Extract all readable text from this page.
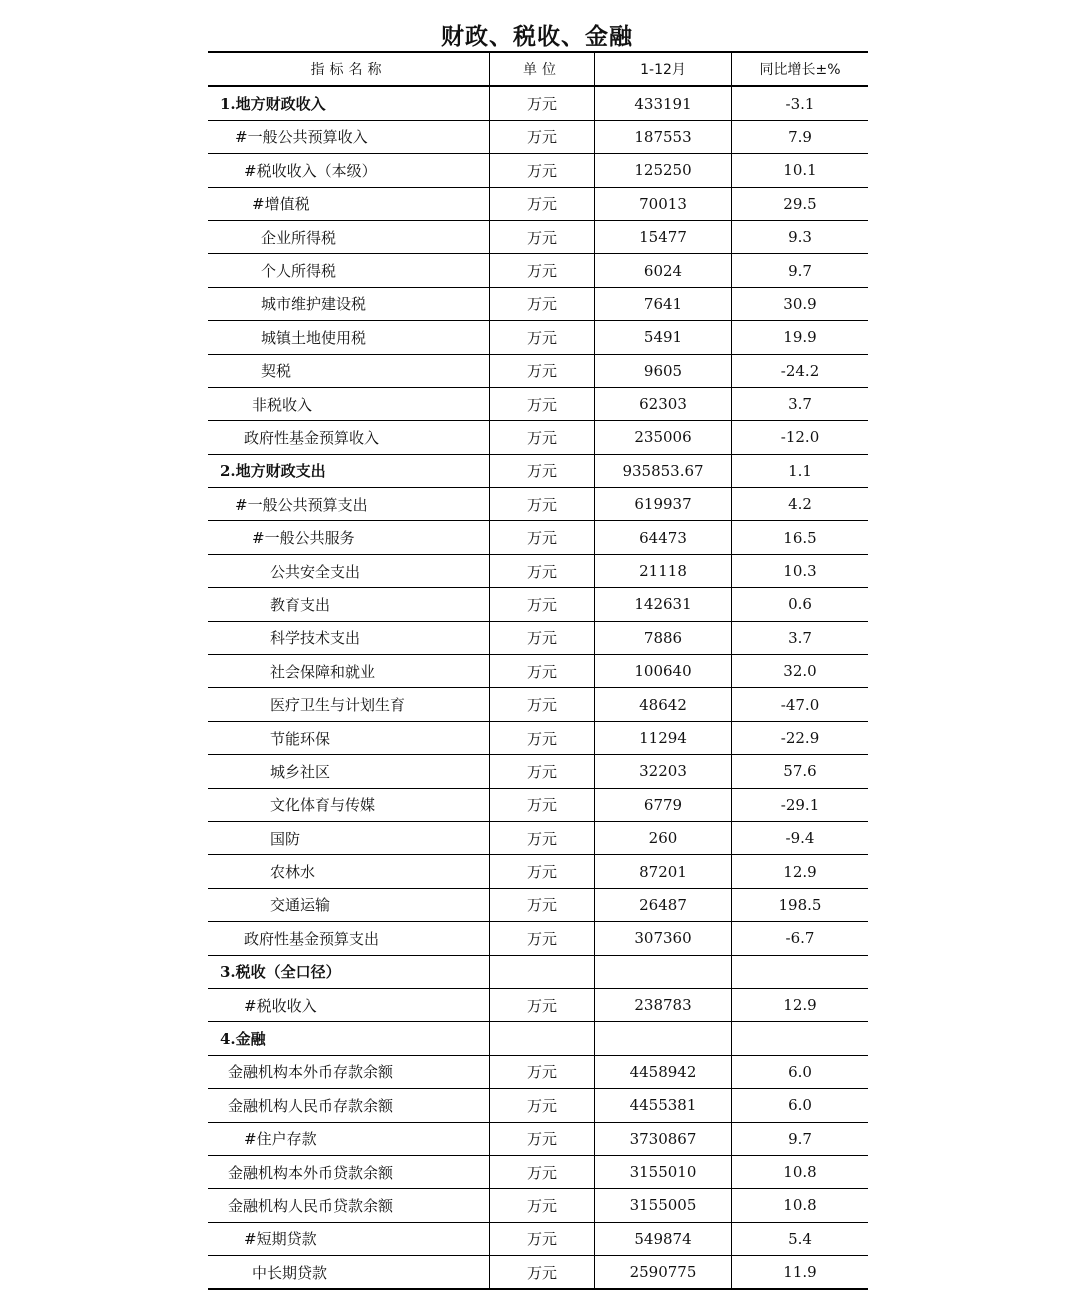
财政、税收、金融
指标名称	单位	1-12月	同比增长±%
1.地方财政收入	万元	433191	-3.1
#一般公共预算收入	万元	187553	7.9
#税收收入（本级）	万元	125250	10.1
#增值税	万元	70013	29.5
企业所得税	万元	15477	9.3
个人所得税	万元	6024	9.7
城市维护建设税	万元	7641	30.9
城镇土地使用税	万元	5491	19.9
契税	万元	9605	-24.2
非税收入	万元	62303	3.7
政府性基金预算收入	万元	235006	-12.0
2.地方财政支出	万元	935853.67	1.1
#一般公共预算支出	万元	619937	4.2
#一般公共服务	万元	64473	16.5
公共安全支出	万元	21118	10.3
教育支出	万元	142631	0.6
科学技术支出	万元	7886	3.7
社会保障和就业	万元	100640	32.0
医疗卫生与计划生育	万元	48642	-47.0
节能环保	万元	11294	-22.9
城乡社区	万元	32203	57.6
文化体育与传媒	万元	6779	-29.1
国防	万元	260	-9.4
农林水	万元	87201	12.9
交通运输	万元	26487	198.5
政府性基金预算支出	万元	307360	-6.7
3.税收（全口径）			
#税收收入	万元	238783	12.9
4.金融			
金融机构本外币存款余额	万元	4458942	6.0
金融机构人民币存款余额	万元	4455381	6.0
#住户存款	万元	3730867	9.7
金融机构本外币贷款余额	万元	3155010	10.8
金融机构人民币贷款余额	万元	3155005	10.8
#短期贷款	万元	549874	5.4
中长期贷款	万元	2590775	11.9
